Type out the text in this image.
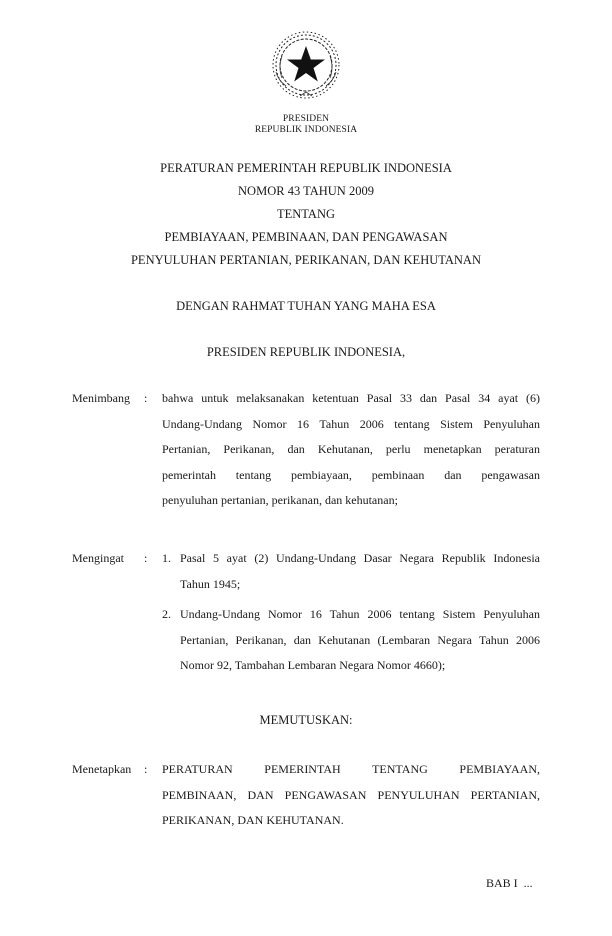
PRESIDEN
REPUBLIK INDONESIA
PERATURAN PEMERINTAH REPUBLIK INDONESIA
NOMOR 43 TAHUN 2009
TENTANG
PEMBIAYAAN, PEMBINAAN, DAN PENGAWASAN
PENYULUHAN PERTANIAN, PERIKANAN, DAN KEHUTANAN
DENGAN RAHMAT TUHAN YANG MAHA ESA
PRESIDEN REPUBLIK INDONESIA,
Menimbang : bahwa untuk melaksanakan ketentuan Pasal 33 dan Pasal 34 ayat (6)
Undang-Undang Nomor 16 Tahun 2006 tentang Sistem Penyuluhan
Pertanian, Perikanan, dan Kehutanan, perlu menetapkan peraturan
pemerintah tentang pembiayaan, pembinaan dan pengawasan
penyuluhan pertanian, perikanan, dan kehutanan;
Mengingat : 1. Pasal 5 ayat (2) Undang-Undang Dasar Negara Republik Indonesia
Tahun 1945;
2. Undang-Undang Nomor 16 Tahun 2006 tentang Sistem Penyuluhan
Pertanian, Perikanan, dan Kehutanan (Lembaran Negara Tahun 2006
Nomor 92, Tambahan Lembaran Negara Nomor 4660);
MEMUTUSKAN:
Menetapkan : PERATURAN PEMERINTAH TENTANG PEMBIAYAAN,
PEMBINAAN, DAN PENGAWASAN PENYULUHAN PERTANIAN,
PERIKANAN, DAN KEHUTANAN.
BAB I  ...
